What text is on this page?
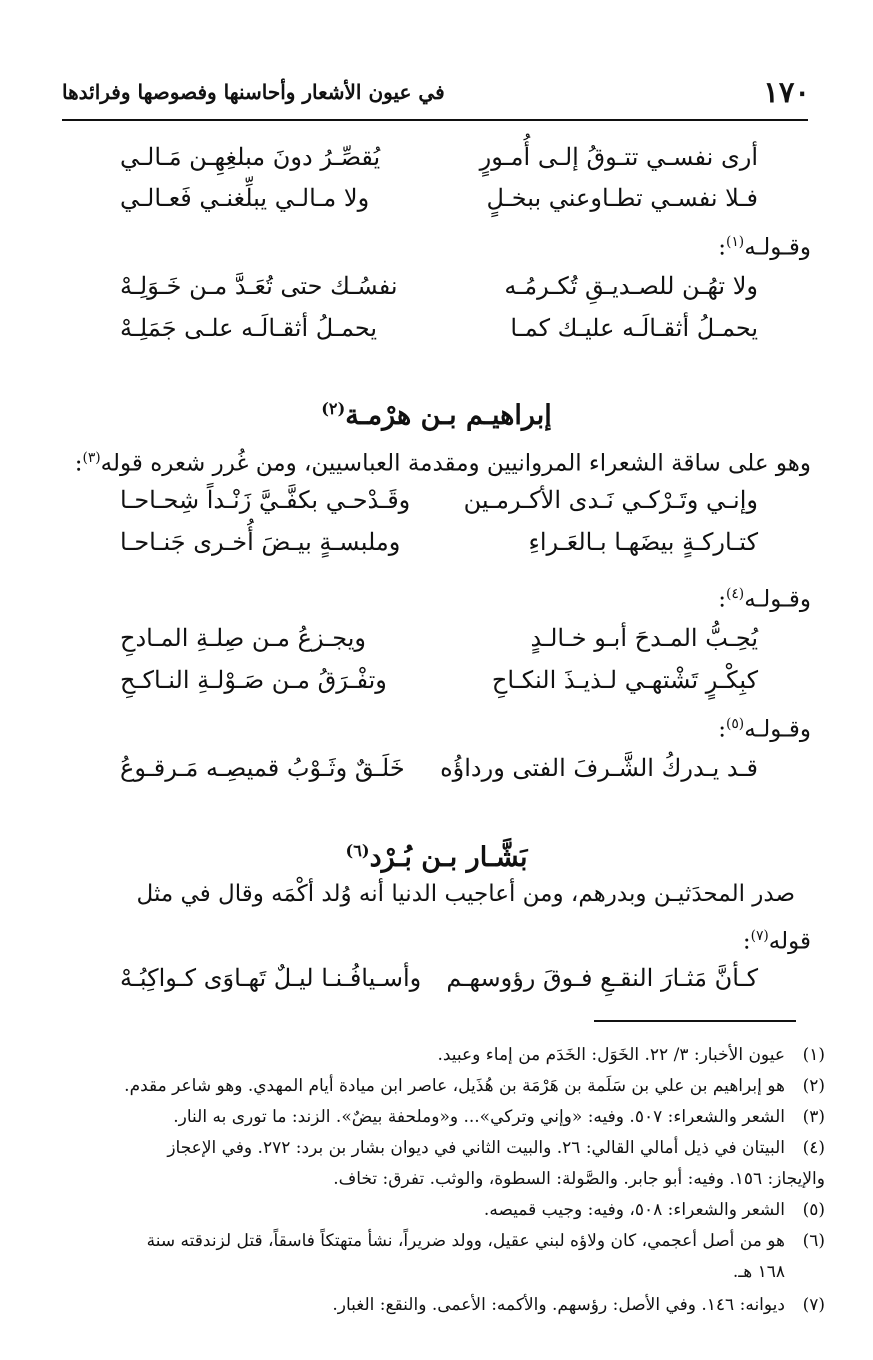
١٧٠
في عيون الأشعار وأحاسنها وفصوصها وفرائدها
أرى نفسـي تتـوقُ إلـى أُمـورٍ
يُقصِّـرُ دونَ مبلغِهِـن مَـالـي
فـلا نفسـي تطـاوعني ببخـلٍ
ولا مـالـي يبلِّغنـي فَعـالـي
وقـولـه$^{(١)}$:
ولا تهُـن للصـديـقِ تُكـرمُـه
نفسُـك حتى تُعَـدَّ مـن خَـوَلِـهْ
يحمـلُ أثقـالَـه عليـك كمـا
يحمـلُ أثقـالَـه علـى جَمَلِـهْ
إبراهيـم بـن هرْمـة$^{(٢)}$
وهو على ساقة الشعراء المروانيين ومقدمة العباسيين، ومن غُرر شعره قوله$^{(٣)}$:
وإنـي وتَـرْكـي نَـدى الأكـرمـين
وقَـدْحـي بكفَّـيَّ زَنْـداً شِحـاحـا
كتـاركـةٍ بيضَهـا بـالعَـراءِ
وملبسـةٍ بيـضَ أُخـرى جَنـاحـا
وقـولـه$^{(٤)}$:
يُحِـبُّ المـدحَ أبـو خـالـدٍ
ويجـزعُ مـن صِلـةِ المـادحِ
كبِكْـرٍ تَشْتهـي لـذيـذَ النكـاحِ
وتفْـرَقُ مـن صَـوْلـةِ النـاكـحِ
وقـولـه$^{(٥)}$:
قـد يـدركُ الشَّـرفَ الفتى ورداؤُه
خَلَـقٌ وثَـوْبُ قميصِـه مَـرقـوعُ
بَشَّـار بـن بُـرْد$^{(٦)}$
صدر المحدَثيـن وبدرهم، ومن أعاجيب الدنيا أنه وُلد أكْمَه وقال في مثل
قوله$^{(٧)}$:
كـأنَّ مَثـارَ النقـعِ فـوقَ رؤوسهـم
وأسـيافُـنـا ليـلٌ تَهـاوَى كـواكِبُـهْ
(١)
عيون الأخبار: ٣/ ٢٢. الخَوَل: الخَدَم من إماء وعبيد.
(٢)
هو إبراهيم بن علي بن سَلَمة بن هَرْمَة بن هُذَيل، عاصر ابن ميادة أيام المهدي. وهو شاعر مقدم.
(٣)
الشعر والشعراء: ٥٠٧. وفيه: «وإني وتركي»... و«وملحفة بيضٌ». الزند: ما تورى به النار.
(٤)
البيتان في ذيل أمالي القالي: ٢٦. والبيت الثاني في ديوان بشار بن برد: ٢٧٢. وفي الإعجاز
والإيجاز: ١٥٦. وفيه: أبو جابر. والصَّولة: السطوة، والوثب. تفرق: تخاف.
(٥)
الشعر والشعراء: ٥٠٨، وفيه: وجيب قميصه.
(٦)
هو من أصل أعجمي، كان ولاؤه لبني عقيل، وولد ضريراً، نشأ متهتكاً فاسقاً، قتل لزندقته سنة
١٦٨ هـ.
(٧)
ديوانه: ١٤٦. وفي الأصل: رؤسهم. والأكمه: الأعمى. والنقع: الغبار.
